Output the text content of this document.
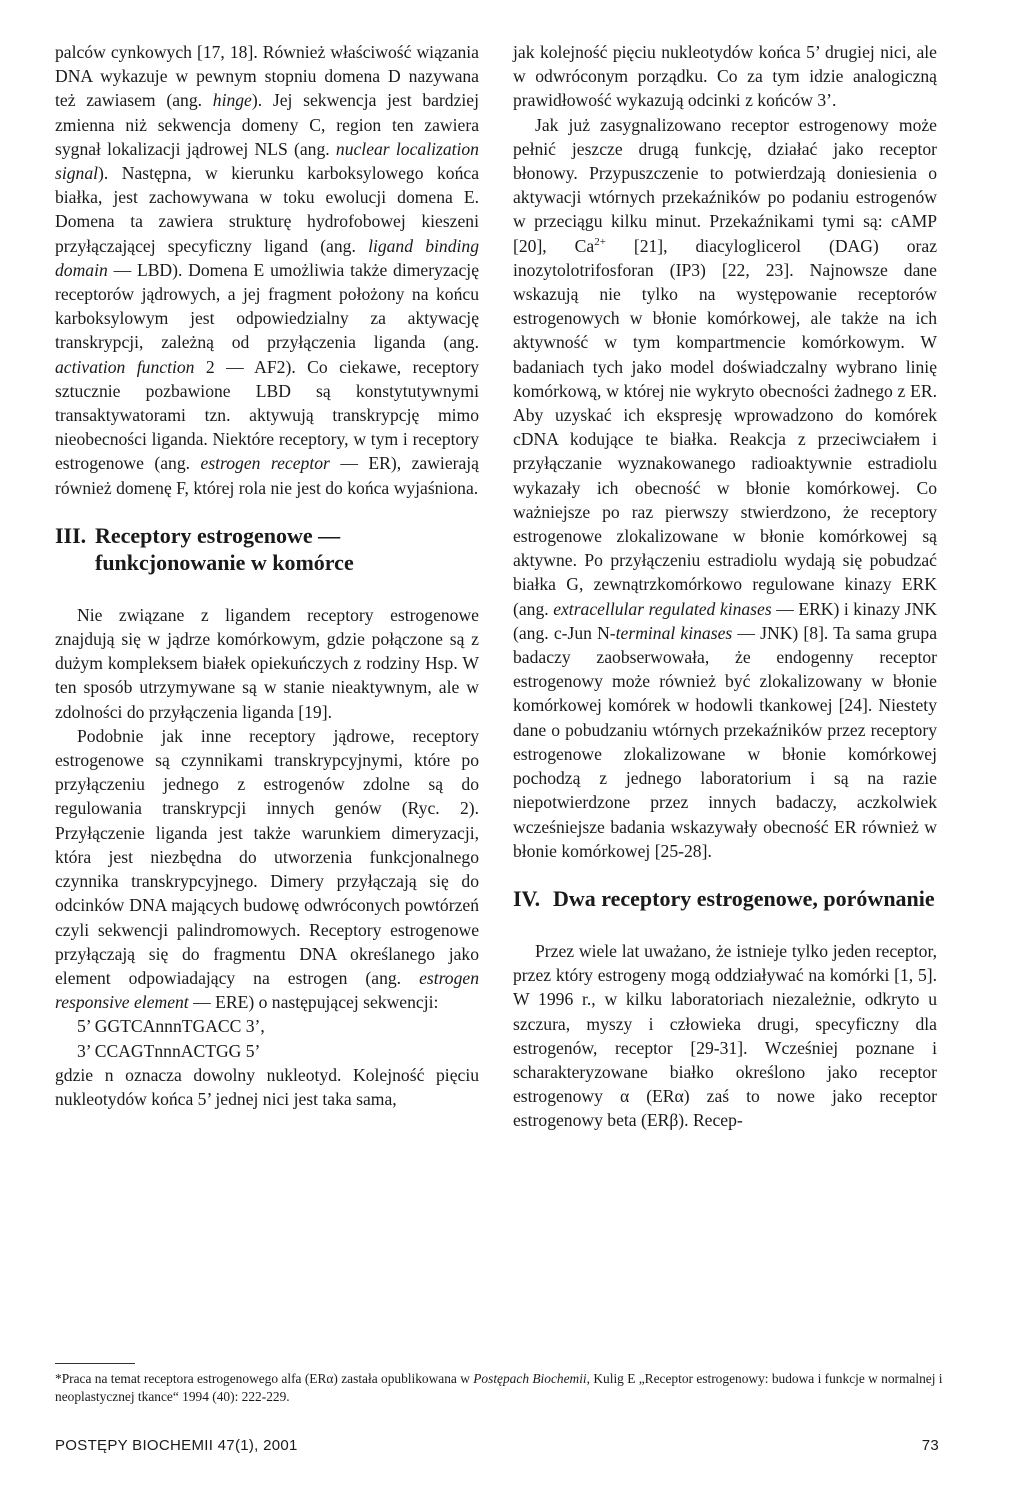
palców cynkowych [17, 18]. Również właściwość wiązania DNA wykazuje w pewnym stopniu domena D nazywana też zawiasem (ang. hinge). Jej sekwencja jest bardziej zmienna niż sekwencja domeny C, region ten zawiera sygnał lokalizacji jądrowej NLS (ang. nuclear localization signal). Następna, w kierunku karboksylowego końca białka, jest zachowywana w toku ewolucji domena E. Domena ta zawiera strukturę hydrofobowej kieszeni przyłączającej specyficzny ligand (ang. ligand binding domain — LBD). Domena E umożliwia także dimeryzację receptorów jądrowych, a jej fragment położony na końcu karboksylowym jest odpowiedzialny za aktywację transkrypcji, zależną od przyłączenia liganda (ang. activation function 2 — AF2). Co ciekawe, receptory sztucznie pozbawione LBD są konstytutywnymi transaktywatorami tzn. aktywują transkrypcję mimo nieobecności liganda. Niektóre receptory, w tym i receptory estrogenowe (ang. estrogen receptor — ER), zawierają również domenę F, której rola nie jest do końca wyjaśniona.

III. Receptory estrogenowe — funkcjonowanie w komórce

Nie związane z ligandem receptory estrogenowe znajdują się w jądrze komórkowym, gdzie połączone są z dużym kompleksem białek opiekuńczych z rodziny Hsp. W ten sposób utrzymywane są w stanie nieaktywnym, ale w zdolności do przyłączenia liganda [19].

Podobnie jak inne receptory jądrowe, receptory estrogenowe są czynnikami transkrypcyjnymi, które po przyłączeniu jednego z estrogenów zdolne są do regulowania transkrypcji innych genów (Ryc. 2). Przyłączenie liganda jest także warunkiem dimeryzacji, która jest niezbędna do utworzenia funkcjonalnego czynnika transkrypcyjnego. Dimery przyłączają się do odcinków DNA mających budowę odwróconych powtórzeń czyli sekwencji palindromowych. Receptory estrogenowe przyłączają się do fragmentu DNA określanego jako element odpowiadający na estrogen (ang. estrogen responsive element — ERE) o następującej sekwencji:

5’ GGTCAnnnTGACC 3’,

3’ CCAGTnnnACTGG 5’

gdzie n oznacza dowolny nukleotyd. Kolejność pięciu nukleotydów końca 5’ jednej nici jest taka sama,

jak kolejność pięciu nukleotydów końca 5’ drugiej nici, ale w odwróconym porządku. Co za tym idzie analogiczną prawidłowość wykazują odcinki z końców 3’.

Jak już zasygnalizowano receptor estrogenowy może pełnić jeszcze drugą funkcję, działać jako receptor błonowy. Przypuszczenie to potwierdzają doniesienia o aktywacji wtórnych przekaźników po podaniu estrogenów w przeciągu kilku minut. Przekaźnikami tymi są: cAMP [20], $Ca^{2+}$ [21], diacyloglicerol (DAG) oraz inozytolotrifosforan (IP3) [22, 23]. Najnowsze dane wskazują nie tylko na występowanie receptorów estrogenowych w błonie komórkowej, ale także na ich aktywność w tym kompartmencie komórkowym. W badaniach tych jako model doświadczalny wybrano linię komórkową, w której nie wykryto obecności żadnego z ER. Aby uzyskać ich ekspresję wprowadzono do komórek cDNA kodujące te białka. Reakcja z przeciwciałem i przyłączanie wyznakowanego radioaktywnie estradiolu wykazały ich obecność w błonie komórkowej. Co ważniejsze po raz pierwszy stwierdzono, że receptory estrogenowe zlokalizowane w błonie komórkowej są aktywne. Po przyłączeniu estradiolu wydają się pobudzać białka G, zewnątrzkomórkowo regulowane kinazy ERK (ang. extracellular regulated kinases — ERK) i kinazy JNK (ang. c-Jun N-terminal kinases — JNK) [8]. Ta sama grupa badaczy zaobserwowała, że endogenny receptor estrogenowy może również być zlokalizowany w błonie komórkowej komórek w hodowli tkankowej [24]. Niestety dane o pobudzaniu wtórnych przekaźników przez receptory estrogenowe zlokalizowane w błonie komórkowej pochodzą z jednego laboratorium i są na razie niepotwierdzone przez innych badaczy, aczkolwiek wcześniejsze badania wskazywały obecność ER również w błonie komórkowej [25-28].

IV. Dwa receptory estrogenowe, porównanie

Przez wiele lat uważano, że istnieje tylko jeden receptor, przez który estrogeny mogą oddziaływać na komórki [1, 5]. W 1996 r., w kilku laboratoriach niezależnie, odkryto u szczura, myszy i człowieka drugi, specyficzny dla estrogenów, receptor [29-31]. Wcześniej poznane i scharakteryzowane białko określono jako receptor estrogenowy α (ERα) zaś to nowe jako receptor estrogenowy beta (ERβ). Recep-

*Praca na temat receptora estrogenowego alfa (ERα) zastała opublikowana w Postępach Biochemii, Kulig E „Receptor estrogenowy: budowa i funkcje w normalnej i neoplastycznej tkance“ 1994 (40): 222-229.
POSTĘPY BIOCHEMII 47(1), 2001	73
